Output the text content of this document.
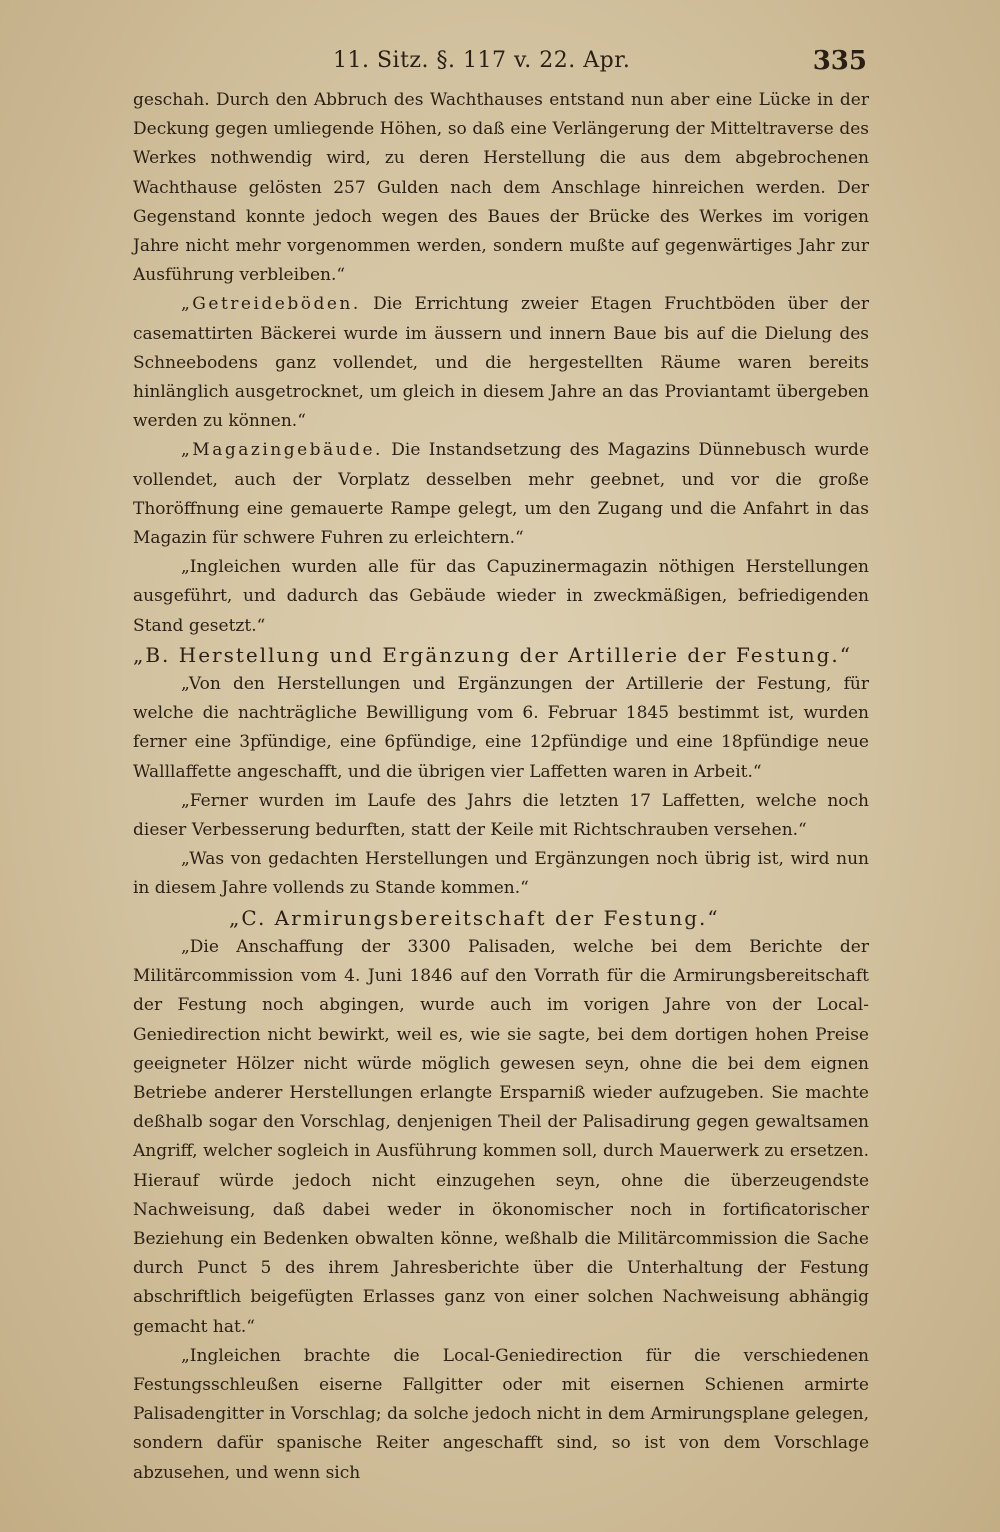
11. Sitz. §. 117 v. 22. Apr.	335

geschah. Durch den Abbruch des Wachthauses entstand nun aber eine Lücke in der Deckung gegen umliegende Höhen, so daß eine Verlängerung der Mitteltraverse des Werkes nothwendig wird, zu deren Herstellung die aus dem abgebrochenen Wachthause gelösten 257 Gulden nach dem Anschlage hinreichen werden. Der Gegenstand konnte jedoch wegen des Baues der Brücke des Werkes im vorigen Jahre nicht mehr vorgenommen werden, sondern mußte auf gegenwärtiges Jahr zur Ausführung verbleiben.“

„Getreideböden. Die Errichtung zweier Etagen Fruchtböden über der casemattirten Bäckerei wurde im äussern und innern Baue bis auf die Dielung des Schneebodens ganz vollendet, und die hergestellten Räume waren bereits hinlänglich ausgetrocknet, um gleich in diesem Jahre an das Proviantamt übergeben werden zu können.“

„Magazingebäude. Die Instandsetzung des Magazins Dünnebusch wurde vollendet, auch der Vorplatz desselben mehr geebnet, und vor die große Thoröffnung eine gemauerte Rampe gelegt, um den Zugang und die Anfahrt in das Magazin für schwere Fuhren zu erleichtern.“

„Ingleichen wurden alle für das Capuzinermagazin nöthigen Herstellungen ausgeführt, und dadurch das Gebäude wieder in zweckmäßigen, befriedigenden Stand gesetzt.“

„B. Herstellung und Ergänzung der Artillerie der Festung.“

„Von den Herstellungen und Ergänzungen der Artillerie der Festung, für welche die nachträgliche Bewilligung vom 6. Februar 1845 bestimmt ist, wurden ferner eine 3pfündige, eine 6pfündige, eine 12pfündige und eine 18pfündige neue Walllaffette angeschafft, und die übrigen vier Laffetten waren in Arbeit.“

„Ferner wurden im Laufe des Jahrs die letzten 17 Laffetten, welche noch dieser Verbesserung bedurften, statt der Keile mit Richtschrauben versehen.“

„Was von gedachten Herstellungen und Ergänzungen noch übrig ist, wird nun in diesem Jahre vollends zu Stande kommen.“

„C. Armirungsbereitschaft der Festung.“

„Die Anschaffung der 3300 Palisaden, welche bei dem Berichte der Militärcommission vom 4. Juni 1846 auf den Vorrath für die Armirungsbereitschaft der Festung noch abgingen, wurde auch im vorigen Jahre von der Local-Geniedirection nicht bewirkt, weil es, wie sie sagte, bei dem dortigen hohen Preise geeigneter Hölzer nicht würde möglich gewesen seyn, ohne die bei dem eignen Betriebe anderer Herstellungen erlangte Ersparniß wieder aufzugeben. Sie machte deßhalb sogar den Vorschlag, denjenigen Theil der Palisadirung gegen gewaltsamen Angriff, welcher sogleich in Ausführung kommen soll, durch Mauerwerk zu ersetzen. Hierauf würde jedoch nicht einzugehen seyn, ohne die überzeugendste Nachweisung, daß dabei weder in ökonomischer noch in fortificatorischer Beziehung ein Bedenken obwalten könne, weßhalb die Militärcommission die Sache durch Punct 5 des ihrem Jahresberichte über die Unterhaltung der Festung abschriftlich beigefügten Erlasses ganz von einer solchen Nachweisung abhängig gemacht hat.“

„Ingleichen brachte die Local-Geniedirection für die verschiedenen Festungsschleußen eiserne Fallgitter oder mit eisernen Schienen armirte Palisadengitter in Vorschlag; da solche jedoch nicht in dem Armirungsplane gelegen, sondern dafür spanische Reiter angeschafft sind, so ist von dem Vorschlage abzusehen, und wenn sich
